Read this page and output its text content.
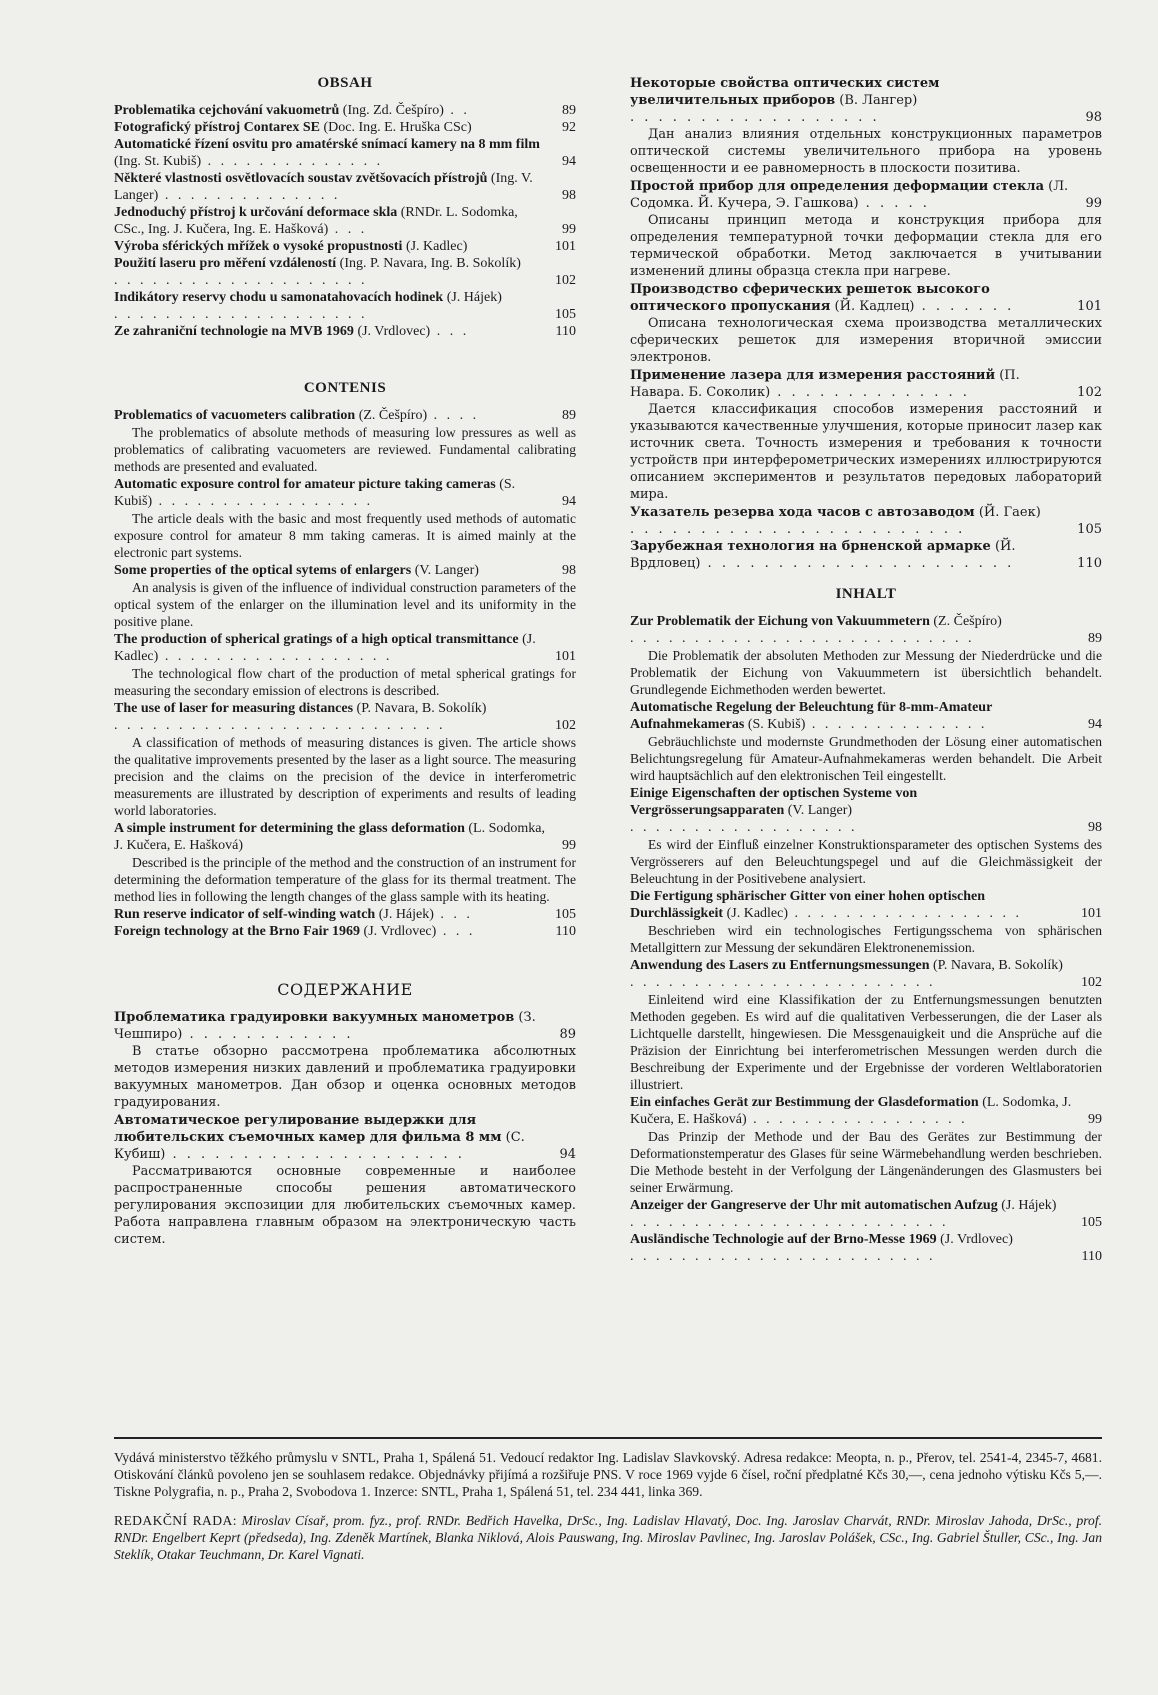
OBSAH
Problematika cejchování vakuometrů (Ing. Zd. Češpíro) . .	89
Fotografický přístroj Contarex SE (Doc. Ing. E. Hruška CSc)	92
Automatické řízení osvitu pro amatérské snímací kamery na 8 mm film (Ing. St. Kubiš) . . . . . . . . . . . . . .	94
Některé vlastnosti osvětlovacích soustav zvětšovacích přístrojů (Ing. V. Langer) . . . . . . . . . . . . . .	98
Jednoduchý přístroj k určování deformace skla (RNDr. L. Sodomka, CSc., Ing. J. Kučera, Ing. E. Hašková) . . .	99
Výroba sférických mřížek o vysoké propustnosti (J. Kadlec)	101
Použití laseru pro měření vzdáleností (Ing. P. Navara, Ing. B. Sokolík) . . . . . . . . . . . . . . . . . . . .	102
Indikátory reservy chodu u samonatahovacích hodinek (J. Hájek) . . . . . . . . . . . . . . . . . . . .	105
Ze zahraniční technologie na MVB 1969 (J. Vrdlovec) . . .	110
CONTENIS
Problematics of vacuometers calibration (Z. Češpíro) . . . .	89
The problematics of absolute methods of measuring low pressures as well as problematics of calibrating vacuometers are reviewed. Fundamental calibrating methods are presented and evaluated.
Automatic exposure control for amateur picture taking cameras (S. Kubiš) . . . . . . . . . . . . . . . . .	94
The article deals with the basic and most frequently used methods of automatic exposure control for amateur 8 mm taking cameras. It is aimed mainly at the electronic part systems.
Some properties of the optical sytems of enlargers (V. Langer)	98
An analysis is given of the influence of individual construction parameters of the optical system of the enlarger on the illumination level and its uniformity in the positive plane.
The production of spherical gratings of a high optical transmittance (J. Kadlec) . . . . . . . . . . . . . . . . . .	101
The technological flow chart of the production of metal spherical gratings for measuring the secondary emission of electrons is described.
The use of laser for measuring distances (P. Navara, B. Sokolík) . . . . . . . . . . . . . . . . . . . . . . . . . .	102
A classification of methods of measuring distances is given. The article shows the qualitative improvements presented by the laser as a light source. The measuring precision and the claims on the precision of the device in interferometric measurements are illustrated by description of experiments and results of leading world laboratories.
A simple instrument for determining the glass deformation (L. Sodomka, J. Kučera, E. Hašková)	99
Described is the principle of the method and the construction of an instrument for determining the deformation temperature of the glass for its thermal treatment. The method lies in following the length changes of the glass sample with its heating.
Run reserve indicator of self-winding watch (J. Hájek) . . .	105
Foreign technology at the Brno Fair 1969 (J. Vrdlovec) . . .	110
СОДЕРЖАНИЕ
Проблематика градуировки вакуумных манометров (З. Чешпиро) . . . . . . . . . . . .	89
В статье обзорно рассмотрена проблематика абсолютных методов измерения низких давлений и проблематика градуировки вакуумных манометров. Дан обзор и оценка основных методов градуирования.
Автоматическое регулирование выдержки для любительских съемочных камер для фильма 8 мм (С. Кубиш) . . . . . . . . . . . . . . . . . . . . .	94
Рассматриваются основные современные и наиболее распространенные способы решения автоматического регулирования экспозиции для любительских съемочных камер. Работа направлена главным образом на электроническую часть систем.
Некоторые свойства оптических систем увеличительных приборов (В. Лангер) . . . . . . . . . . . . . . . . . .	98
Дан анализ влияния отдельных конструкционных параметров оптической системы увеличительного прибора на уровень освещенности и ее равномерность в плоскости позитива.
Простой прибор для определения деформации стекла (Л. Содомка. Й. Кучера, Э. Гашкова) . . . . .	99
Описаны принцип метода и конструкция прибора для определения температурной точки деформации стекла для его термической обработки. Метод заключается в учитывании изменений длины образца стекла при нагреве.
Производство сферических решеток высокого оптического пропускания (Й. Кадлец) . . . . . . .	101
Описана технологическая схема производства металлических сферических решеток для измерения вторичной эмиссии электронов.
Применение лазера для измерения расстояний (П. Навара. Б. Соколик) . . . . . . . . . . . . . .	102
Дается классификация способов измерения расстояний и указываются качественные улучшения, которые приносит лазер как источник света. Точность измерения и требования к точности устройств при интерферометрических измерениях иллюстрируются описанием экспериментов и результатов передовых лабораторий мира.
Указатель резерва хода часов с автозаводом (Й. Гаек) . . . . . . . . . . . . . . . . . . . . . . . .	105
Зарубежная технология на брненской армарке (Й. Врдловец) . . . . . . . . . . . . . . . . . . . . . .	110
INHALT
Zur Problematik der Eichung von Vakuummetern (Z. Češpíro) . . . . . . . . . . . . . . . . . . . . . . . . . . .	89
Die Problematik der absoluten Methoden zur Messung der Niederdrücke und die Problematik der Eichung von Vakuummetern ist übersichtlich behandelt. Grundlegende Eichmethoden werden bewertet.
Automatische Regelung der Beleuchtung für 8-mm-Amateur Aufnahmekameras (S. Kubiš) . . . . . . . . . . . . . .	94
Gebräuchlichste und modernste Grundmethoden der Lösung einer automatischen Belichtungsregelung für Amateur-Aufnahmekameras werden behandelt. Die Arbeit wird hauptsächlich auf den elektronischen Teil eingestellt.
Einige Eigenschaften der optischen Systeme von Vergrösserungsapparaten (V. Langer) . . . . . . . . . . . . . . . . . .	98
Es wird der Einfluß einzelner Konstruktionsparameter des optischen Systems des Vergrösserers auf den Beleuchtungspegel und auf die Gleichmässigkeit der Beleuchtung in der Positivebene analysiert.
Die Fertigung sphärischer Gitter von einer hohen optischen Durchlässigkeit (J. Kadlec) . . . . . . . . . . . . . . . . . .	101
Beschrieben wird ein technologisches Fertigungsschema von sphärischen Metallgittern zur Messung der sekundären Elektronenemission.
Anwendung des Lasers zu Entfernungsmessungen (P. Navara, B. Sokolík) . . . . . . . . . . . . . . . . . . . . . . . .	102
Einleitend wird eine Klassifikation der zu Entfernungsmessungen benutzten Methoden gegeben. Es wird auf die qualitativen Verbesserungen, die der Laser als Lichtquelle darstellt, hingewiesen. Die Messgenauigkeit und die Ansprüche auf die Präzision der Einrichtung bei interferometrischen Messungen werden durch die Beschreibung der Experimente und der Ergebnisse der vorderen Weltlaboratorien illustriert.
Ein einfaches Gerät zur Bestimmung der Glasdeformation (L. Sodomka, J. Kučera, E. Hašková) . . . . . . . . . . . . . . . . .	99
Das Prinzip der Methode und der Bau des Gerätes zur Bestimmung der Deformationstemperatur des Glases für seine Wärmebehandlung werden beschrieben. Die Methode besteht in der Verfolgung der Längenänderungen des Glasmusters bei seiner Erwärmung.
Anzeiger der Gangreserve der Uhr mit automatischen Aufzug (J. Hájek) . . . . . . . . . . . . . . . . . . . . . . . . .	105
Ausländische Technologie auf der Brno-Messe 1969 (J. Vrdlovec) . . . . . . . . . . . . . . . . . . . . . . . .	110
Vydává ministerstvo těžkého průmyslu v SNTL, Praha 1, Spálená 51. Vedoucí redaktor Ing. Ladislav Slavkovský. Adresa redakce: Meopta, n. p., Přerov, tel. 2541-4, 2345-7, 4681. Otiskování článků povoleno jen se souhlasem redakce. Objednávky přijímá a rozšiřuje PNS. V roce 1969 vyjde 6 čísel, roční předplatné Kčs 30,—, cena jednoho výtisku Kčs 5,—. Tiskne Polygrafia, n. p., Praha 2, Svobodova 1. Inzerce: SNTL, Praha 1, Spálená 51, tel. 234 441, linka 369.
REDAKČNÍ RADA: Miroslav Císař, prom. fyz., prof. RNDr. Bedřich Havelka, DrSc., Ing. Ladislav Hlavatý, Doc. Ing. Jaroslav Charvát, RNDr. Miroslav Jahoda, DrSc., prof. RNDr. Engelbert Keprt (předseda), Ing. Zdeněk Martínek, Blanka Niklová, Alois Pauswang, Ing. Miroslav Pavlinec, Ing. Jaroslav Polášek, CSc., Ing. Gabriel Štuller, CSc., Ing. Jan Steklík, Otakar Teuchmann, Dr. Karel Vignati.
